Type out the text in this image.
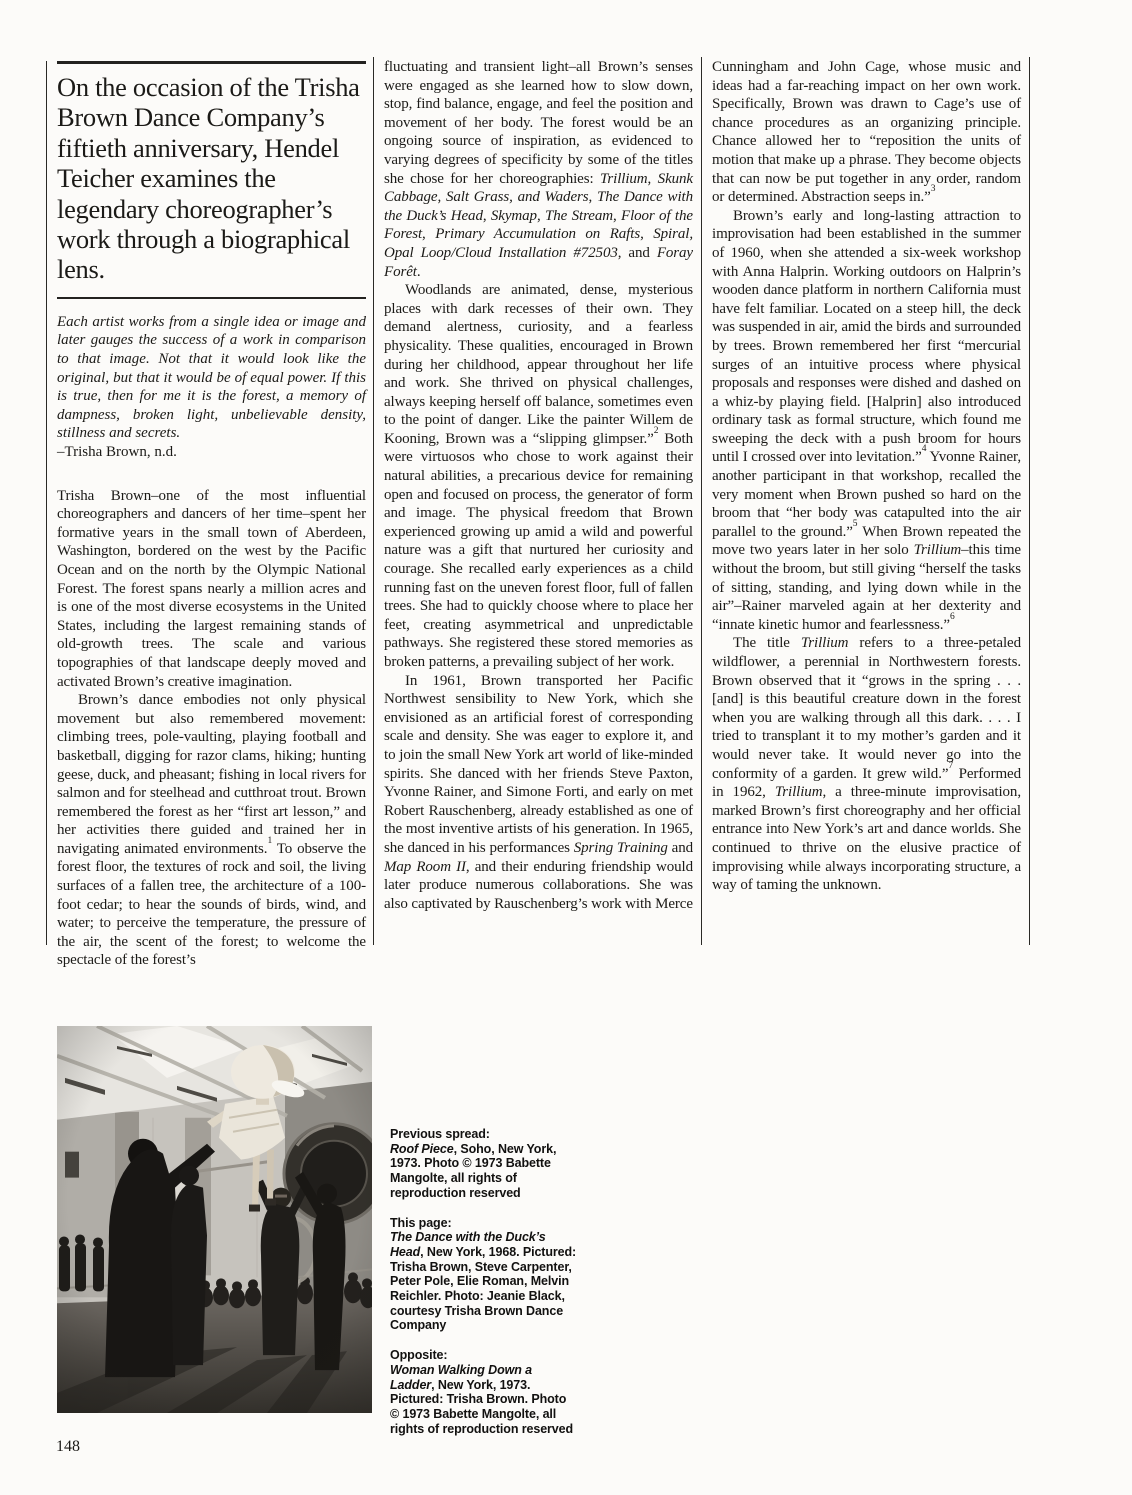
On the occasion of the Trisha Brown Dance Company’s fiftieth anniversary, Hendel Teicher examines the legendary choreographer’s work through a biographical lens.

Each artist works from a single idea or image and later gauges the success of a work in comparison to that image. Not that it would look like the original, but that it would be of equal power. If this is true, then for me it is the forest, a memory of dampness, broken light, unbelievable density, stillness and secrets.

–Trisha Brown, n.d.

Trisha Brown–one of the most influential choreographers and dancers of her time–spent her formative years in the small town of Aberdeen, Washington, bordered on the west by the Pacific Ocean and on the north by the Olympic National Forest. The forest spans nearly a million acres and is one of the most diverse ecosystems in the United States, including the largest remaining stands of old-growth trees. The scale and various topographies of that landscape deeply moved and activated Brown’s creative imagination.

Brown’s dance embodies not only physical movement but also remembered movement: climbing trees, pole-vaulting, playing football and basketball, digging for razor clams, hiking; hunting geese, duck, and pheasant; fishing in local rivers for salmon and for steelhead and cutthroat trout. Brown remembered the forest as her “first art lesson,” and her activities there guided and trained her in navigating animated environments.$^1$ To observe the forest floor, the textures of rock and soil, the living surfaces of a fallen tree, the architecture of a 100-foot cedar; to hear the sounds of birds, wind, and water; to perceive the temperature, the pressure of the air, the scent of the forest; to welcome the spectacle of the forest’s

fluctuating and transient light–all Brown’s senses were engaged as she learned how to slow down, stop, find balance, engage, and feel the position and movement of her body. The forest would be an ongoing source of inspiration, as evidenced to varying degrees of specificity by some of the titles she chose for her choreographies: Trillium, Skunk Cabbage, Salt Grass, and Waders, The Dance with the Duck’s Head, Skymap, The Stream, Floor of the Forest, Primary Accumulation on Rafts, Spiral, Opal Loop/Cloud Installation #72503, and Foray Forêt.

Woodlands are animated, dense, mysterious places with dark recesses of their own. They demand alertness, curiosity, and a fearless physicality. These qualities, encouraged in Brown during her childhood, appear throughout her life and work. She thrived on physical challenges, always keeping herself off balance, sometimes even to the point of danger. Like the painter Willem de Kooning, Brown was a “slipping glimpser.”$^2$ Both were virtuosos who chose to work against their natural abilities, a precarious device for remaining open and focused on process, the generator of form and image. The physical freedom that Brown experienced growing up amid a wild and powerful nature was a gift that nurtured her curiosity and courage. She recalled early experiences as a child running fast on the uneven forest floor, full of fallen trees. She had to quickly choose where to place her feet, creating asymmetrical and unpredictable pathways. She registered these stored memories as broken patterns, a prevailing subject of her work.

In 1961, Brown transported her Pacific Northwest sensibility to New York, which she envisioned as an artificial forest of corresponding scale and density. She was eager to explore it, and to join the small New York art world of like-minded spirits. She danced with her friends Steve Paxton, Yvonne Rainer, and Simone Forti, and early on met Robert Rauschenberg, already established as one of the most inventive artists of his generation. In 1965, she danced in his performances Spring Training and Map Room II, and their enduring friendship would later produce numerous collaborations. She was also captivated by Rauschenberg’s work with Merce

Cunningham and John Cage, whose music and ideas had a far-reaching impact on her own work. Specifically, Brown was drawn to Cage’s use of chance procedures as an organizing principle. Chance allowed her to “reposition the units of motion that make up a phrase. They become objects that can now be put together in any order, random or determined. Abstraction seeps in.”$^3$

Brown’s early and long-lasting attraction to improvisation had been established in the summer of 1960, when she attended a six-week workshop with Anna Halprin. Working outdoors on Halprin’s wooden dance platform in northern California must have felt familiar. Located on a steep hill, the deck was suspended in air, amid the birds and surrounded by trees. Brown remembered her first “mercurial surges of an intuitive process where physical proposals and responses were dished and dashed on a whiz-by playing field. [Halprin] also introduced ordinary task as formal structure, which found me sweeping the deck with a push broom for hours until I crossed over into levitation.”$^4$ Yvonne Rainer, another participant in that workshop, recalled the very moment when Brown pushed so hard on the broom that “her body was catapulted into the air parallel to the ground.”$^5$ When Brown repeated the move two years later in her solo Trillium–this time without the broom, but still giving “herself the tasks of sitting, standing, and lying down while in the air”–Rainer marveled again at her dexterity and “innate kinetic humor and fearlessness.”$^6$

The title Trillium refers to a three-petaled wildflower, a perennial in Northwestern forests. Brown observed that it “grows in the spring . . . [and] is this beautiful creature down in the forest when you are walking through all this dark. . . . I tried to transplant it to my mother’s garden and it would never take. It would never go into the conformity of a garden. It grew wild.”$^7$ Performed in 1962, Trillium, a three-minute improvisation, marked Brown’s first choreography and her official entrance into New York’s art and dance worlds. She continued to thrive on the elusive practice of improvising while always incorporating structure, a way of taming the unknown.

Previous spread:
Roof Piece, Soho, New York, 1973. Photo © 1973 Babette Mangolte, all rights of reproduction reserved
This page:
The Dance with the Duck’s Head, New York, 1968. Pictured: Trisha Brown, Steve Carpenter, Peter Pole, Elie Roman, Melvin Reichler. Photo: Jeanie Black, courtesy Trisha Brown Dance Company
Opposite:
Woman Walking Down a Ladder, New York, 1973. Pictured: Trisha Brown. Photo © 1973 Babette Mangolte, all rights of reproduction reserved
148
